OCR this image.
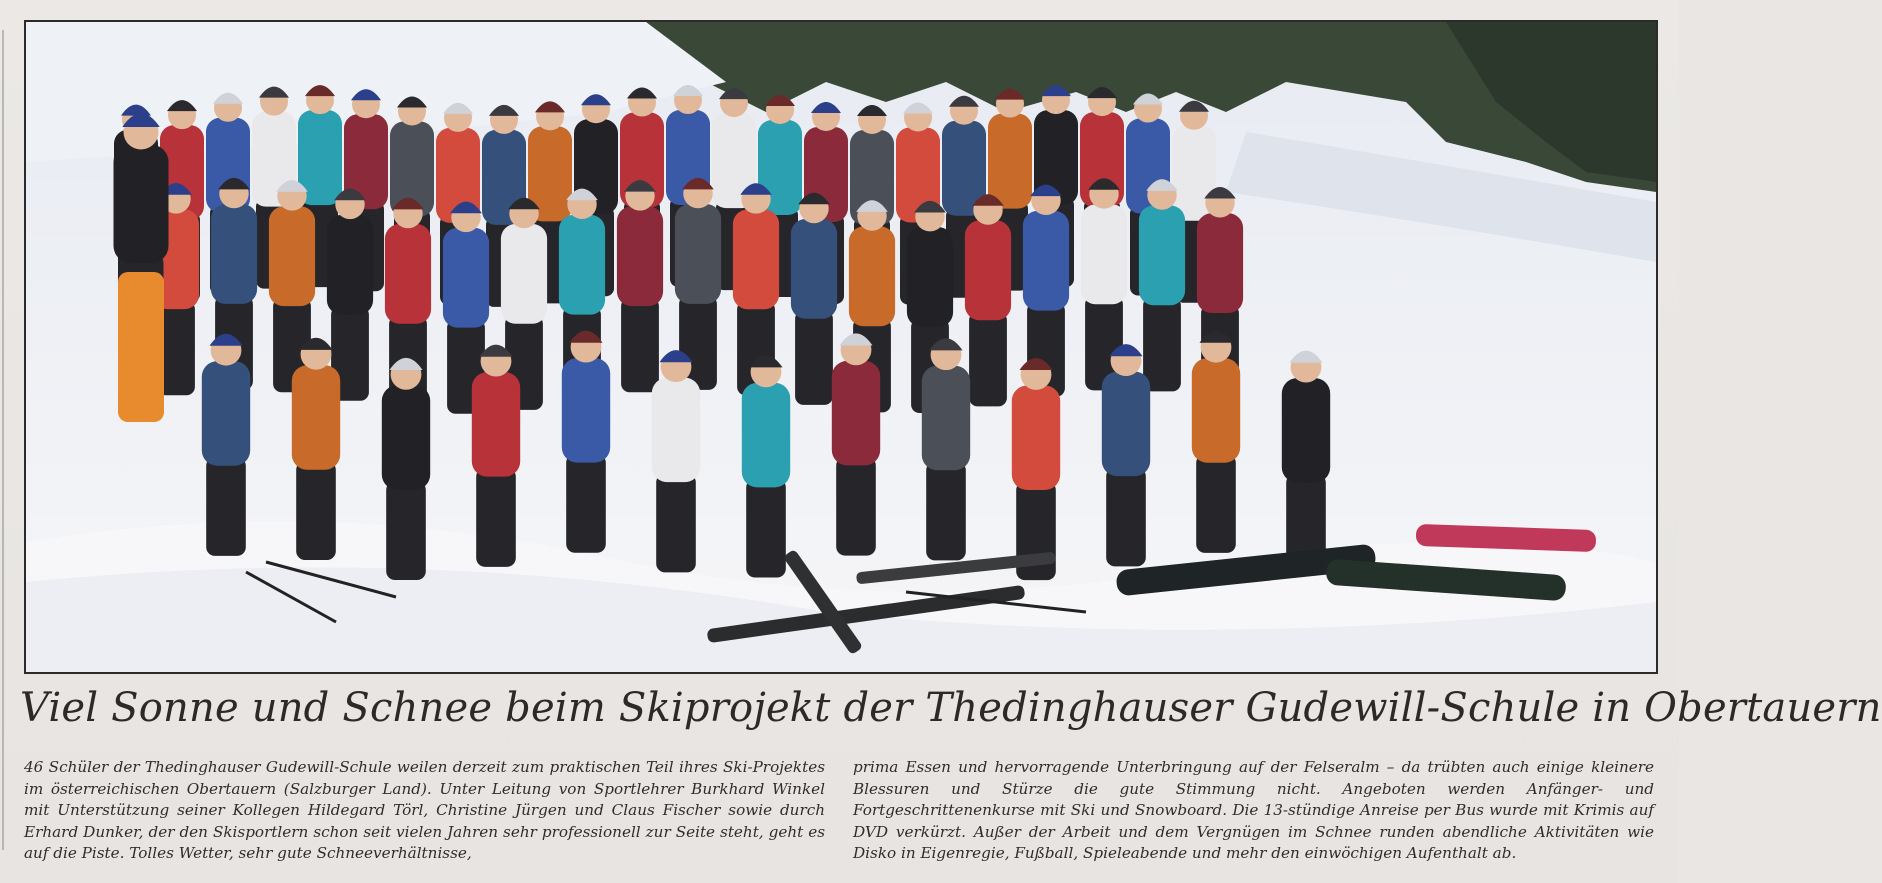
Viel Sonne und Schnee beim Skiprojekt der Thedinghauser Gudewill-Schule in Obertauern
46 Schüler der Thedinghauser Gudewill-Schule weilen derzeit zum praktischen Teil ihres Ski-Projektes im österreichischen Obertauern (Salzburger Land). Unter Leitung von Sportlehrer Burkhard Winkel mit Unterstützung seiner Kollegen Hildegard Törl, Christine Jürgen und Claus Fischer sowie durch Erhard Dunker, der den Skisportlern schon seit vielen Jahren sehr professionell zur Seite steht, geht es auf die Piste. Tolles Wetter, sehr gute Schneeverhältnisse,
prima Essen und hervorragende Unterbringung auf der Felseralm – da trübten auch einige kleinere Blessuren und Stürze die gute Stimmung nicht. Angeboten werden Anfänger- und Fortgeschrittenenkurse mit Ski und Snowboard. Die 13-stündige Anreise per Bus wurde mit Krimis auf DVD verkürzt. Außer der Arbeit und dem Vergnügen im Schnee runden abendliche Aktivitäten wie Disko in Eigenregie, Fußball, Spieleabende und mehr den einwöchigen Aufenthalt ab.
